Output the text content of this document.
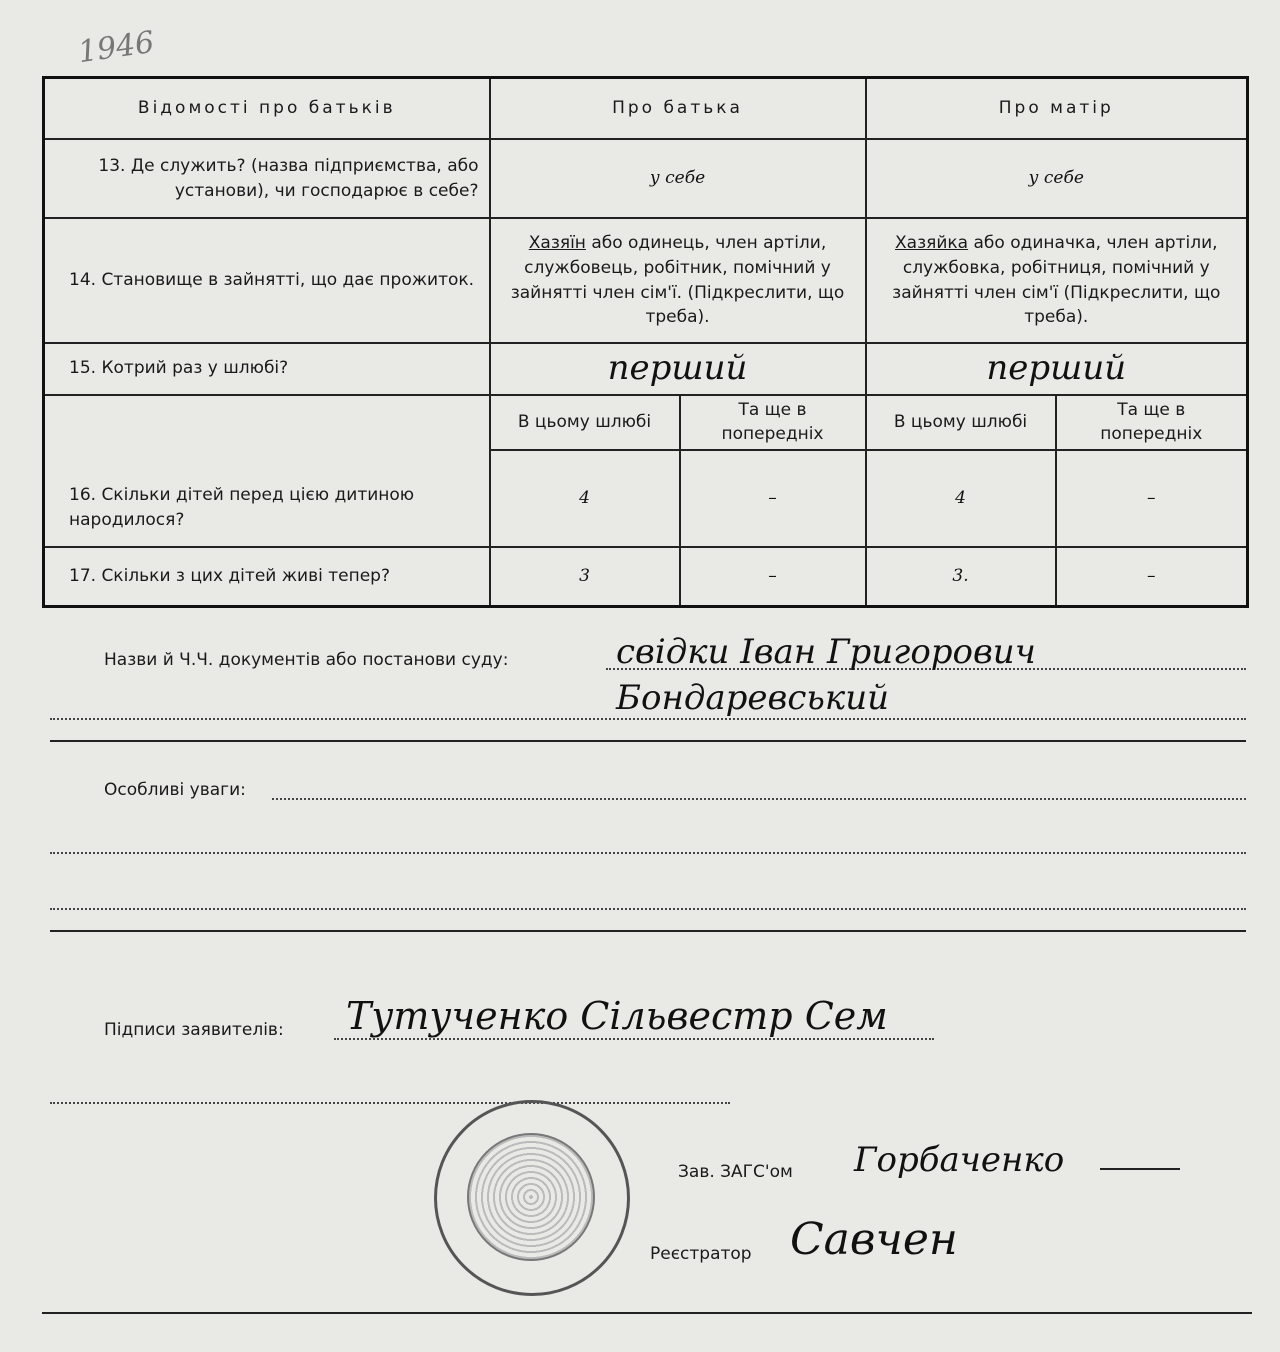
1946
Відомості про батьків	Про батька		Про матір	
13. Де служить? (назва підприємства, або установи), чи господарює в себе?	у себе		у себе	
14. Становище в зайнятті, що дає прожиток.	Хазяїн або одинець, член артіли, службовець, робітник, помічний у зайнятті член сім'ї. (Підкреслити, що треба).		Хазяйка або одиначка, член артіли, службовка, робітниця, помічний у зайнятті член сім'ї (Підкреслити, що треба).	
15. Котрий раз у шлюбі?	перший		перший	
16. Скільки дітей перед цією дитиною народилося?	В цьому шлюбі	Та ще в попередніх	В цьому шлюбі	Та ще в попередніх
	4	–	4	–
17. Скільки з цих дітей живі тепер?	3	–	3.	–
Назви й Ч.Ч. документів або постанови суду:	свідки Іван Григорович Бондаревський
Особливі уваги:
Підписи заявителів: Тутученко Сільвестр Сем
Зав. ЗАГС'ом Горбаченко
Реєстратор Савчен
